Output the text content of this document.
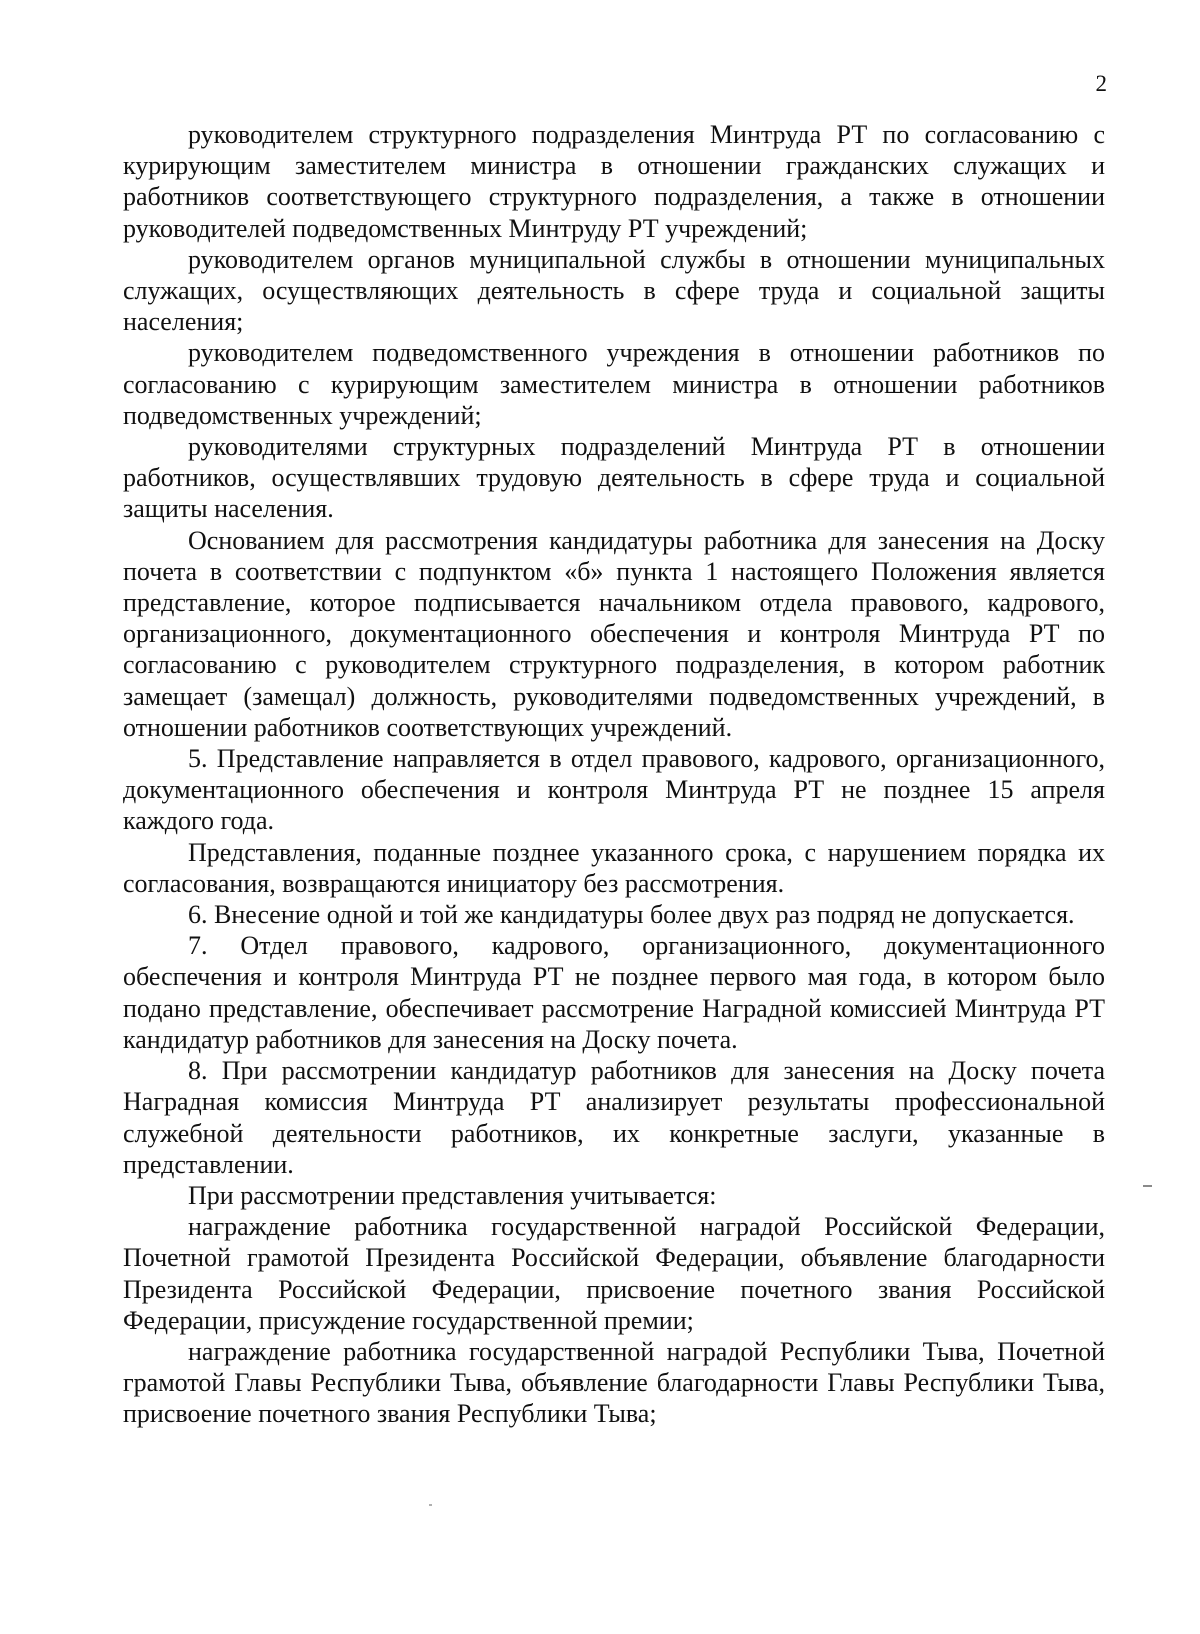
2

руководителем структурного подразделения Минтруда РТ по согласованию с курирующим заместителем министра в отношении гражданских служащих и работников соответствующего структурного подразделения, а также в отношении руководителей подведомственных Минтруду РТ учреждений;

руководителем органов муниципальной службы в отношении муниципальных служащих, осуществляющих деятельность в сфере труда и социальной защиты населения;

руководителем подведомственного учреждения в отношении работников по согласованию с курирующим заместителем министра в отношении работников подведомственных учреждений;

руководителями структурных подразделений Минтруда РТ в отношении работников, осуществлявших трудовую деятельность в сфере труда и социальной защиты населения.

Основанием для рассмотрения кандидатуры работника для занесения на Доску почета в соответствии с подпунктом «б» пункта 1 настоящего Положения является представление, которое подписывается начальником отдела правового, кадрового, организационного, документационного обеспечения и контроля Минтруда РТ по согласованию с руководителем структурного подразделения, в котором работник замещает (замещал) должность, руководителями подведомственных учреждений, в отношении работников соответствующих учреждений.

5. Представление направляется в отдел правового, кадрового, организационного, документационного обеспечения и контроля Минтруда РТ не позднее 15 апреля каждого года.

Представления, поданные позднее указанного срока, с нарушением порядка их согласования, возвращаются инициатору без рассмотрения.

6. Внесение одной и той же кандидатуры более двух раз подряд не допускается.

7. Отдел правового, кадрового, организационного, документационного обеспечения и контроля Минтруда РТ не позднее первого мая года, в котором было подано представление, обеспечивает рассмотрение Наградной комиссией Минтруда РТ кандидатур работников для занесения на Доску почета.

8. При рассмотрении кандидатур работников для занесения на Доску почета Наградная комиссия Минтруда РТ анализирует результаты профессиональной служебной деятельности работников, их конкретные заслуги, указанные в представлении.

При рассмотрении представления учитывается:

награждение работника государственной наградой Российской Федерации, Почетной грамотой Президента Российской Федерации, объявление благодарности Президента Российской Федерации, присвоение почетного звания Российской Федерации, присуждение государственной премии;

награждение работника государственной наградой Республики Тыва, Почетной грамотой Главы Республики Тыва, объявление благодарности Главы Республики Тыва, присвоение почетного звания Республики Тыва;
